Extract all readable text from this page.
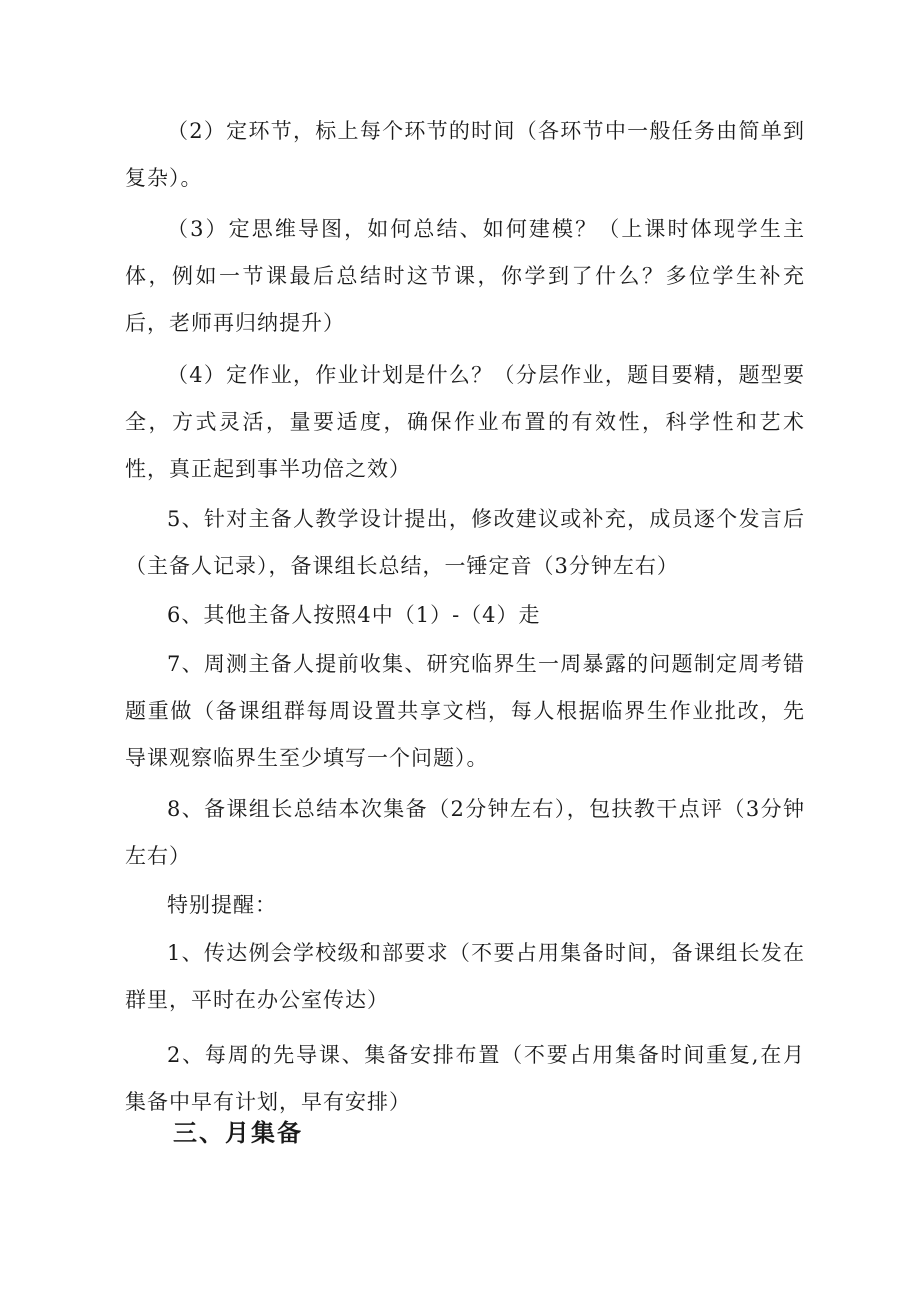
（2）定环节，标上每个环节的时间（各环节中一般任务由简单到复杂）。

（3）定思维导图，如何总结、如何建模？（上课时体现学生主体，例如一节课最后总结时这节课，你学到了什么？多位学生补充后，老师再归纳提升）

（4）定作业，作业计划是什么？（分层作业，题目要精，题型要全，方式灵活，量要适度，确保作业布置的有效性，科学性和艺术性，真正起到事半功倍之效）

5、针对主备人教学设计提出，修改建议或补充，成员逐个发言后（主备人记录），备课组长总结，一锤定音（3分钟左右）

6、其他主备人按照4中（1）-（4）走

7、周测主备人提前收集、研究临界生一周暴露的问题制定周考错题重做（备课组群每周设置共享文档，每人根据临界生作业批改，先导课观察临界生至少填写一个问题）。

8、备课组长总结本次集备（2分钟左右），包扶教干点评（3分钟左右）

特别提醒：

1、传达例会学校级和部要求（不要占用集备时间，备课组长发在群里，平时在办公室传达）

2、每周的先导课、集备安排布置（不要占用集备时间重复,在月集备中早有计划，早有安排）

三、月集备
